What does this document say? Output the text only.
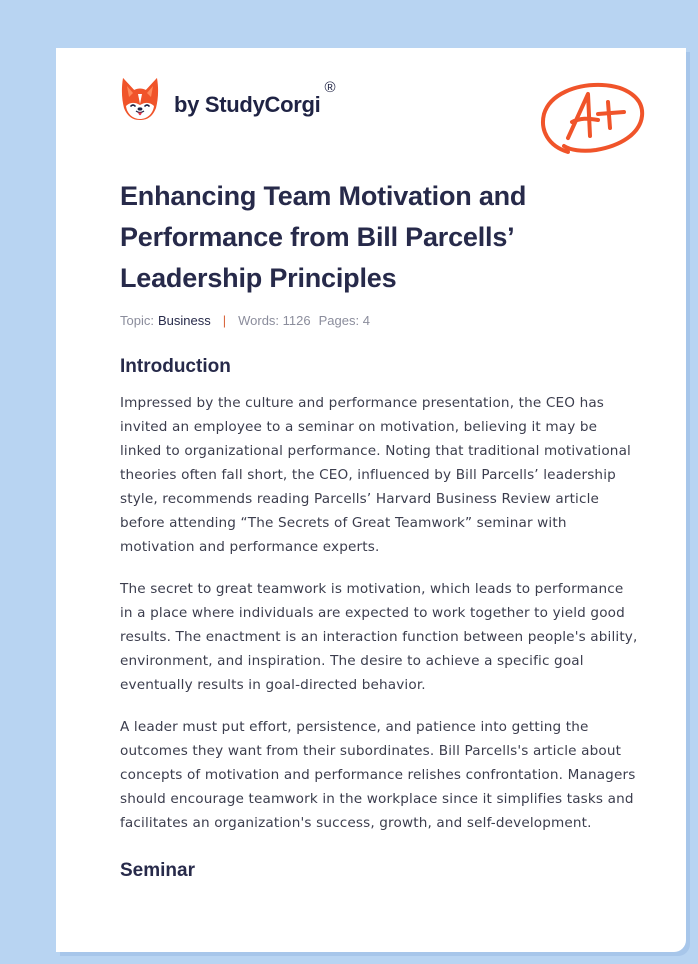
by StudyCorgi
®
Enhancing Team Motivation and Performance from Bill Parcells’ Leadership Principles
Topic: Business | Words: 1126 Pages: 4
Introduction

Impressed by the culture and performance presentation, the CEO has invited an employee to a seminar on motivation, believing it may be linked to organizational performance. Noting that traditional motivational theories often fall short, the CEO, influenced by Bill Parcells’ leadership style, recommends reading Parcells’ Harvard Business Review article before attending “The Secrets of Great Teamwork” seminar with motivation and performance experts.

The secret to great teamwork is motivation, which leads to performance in a place where individuals are expected to work together to yield good results. The enactment is an interaction function between people's ability, environment, and inspiration. The desire to achieve a specific goal eventually results in goal-directed behavior.

A leader must put effort, persistence, and patience into getting the outcomes they want from their subordinates. Bill Parcells's article about concepts of motivation and performance relishes confrontation. Managers should encourage teamwork in the workplace since it simplifies tasks and facilitates an organization's success, growth, and self-development.

Seminar
